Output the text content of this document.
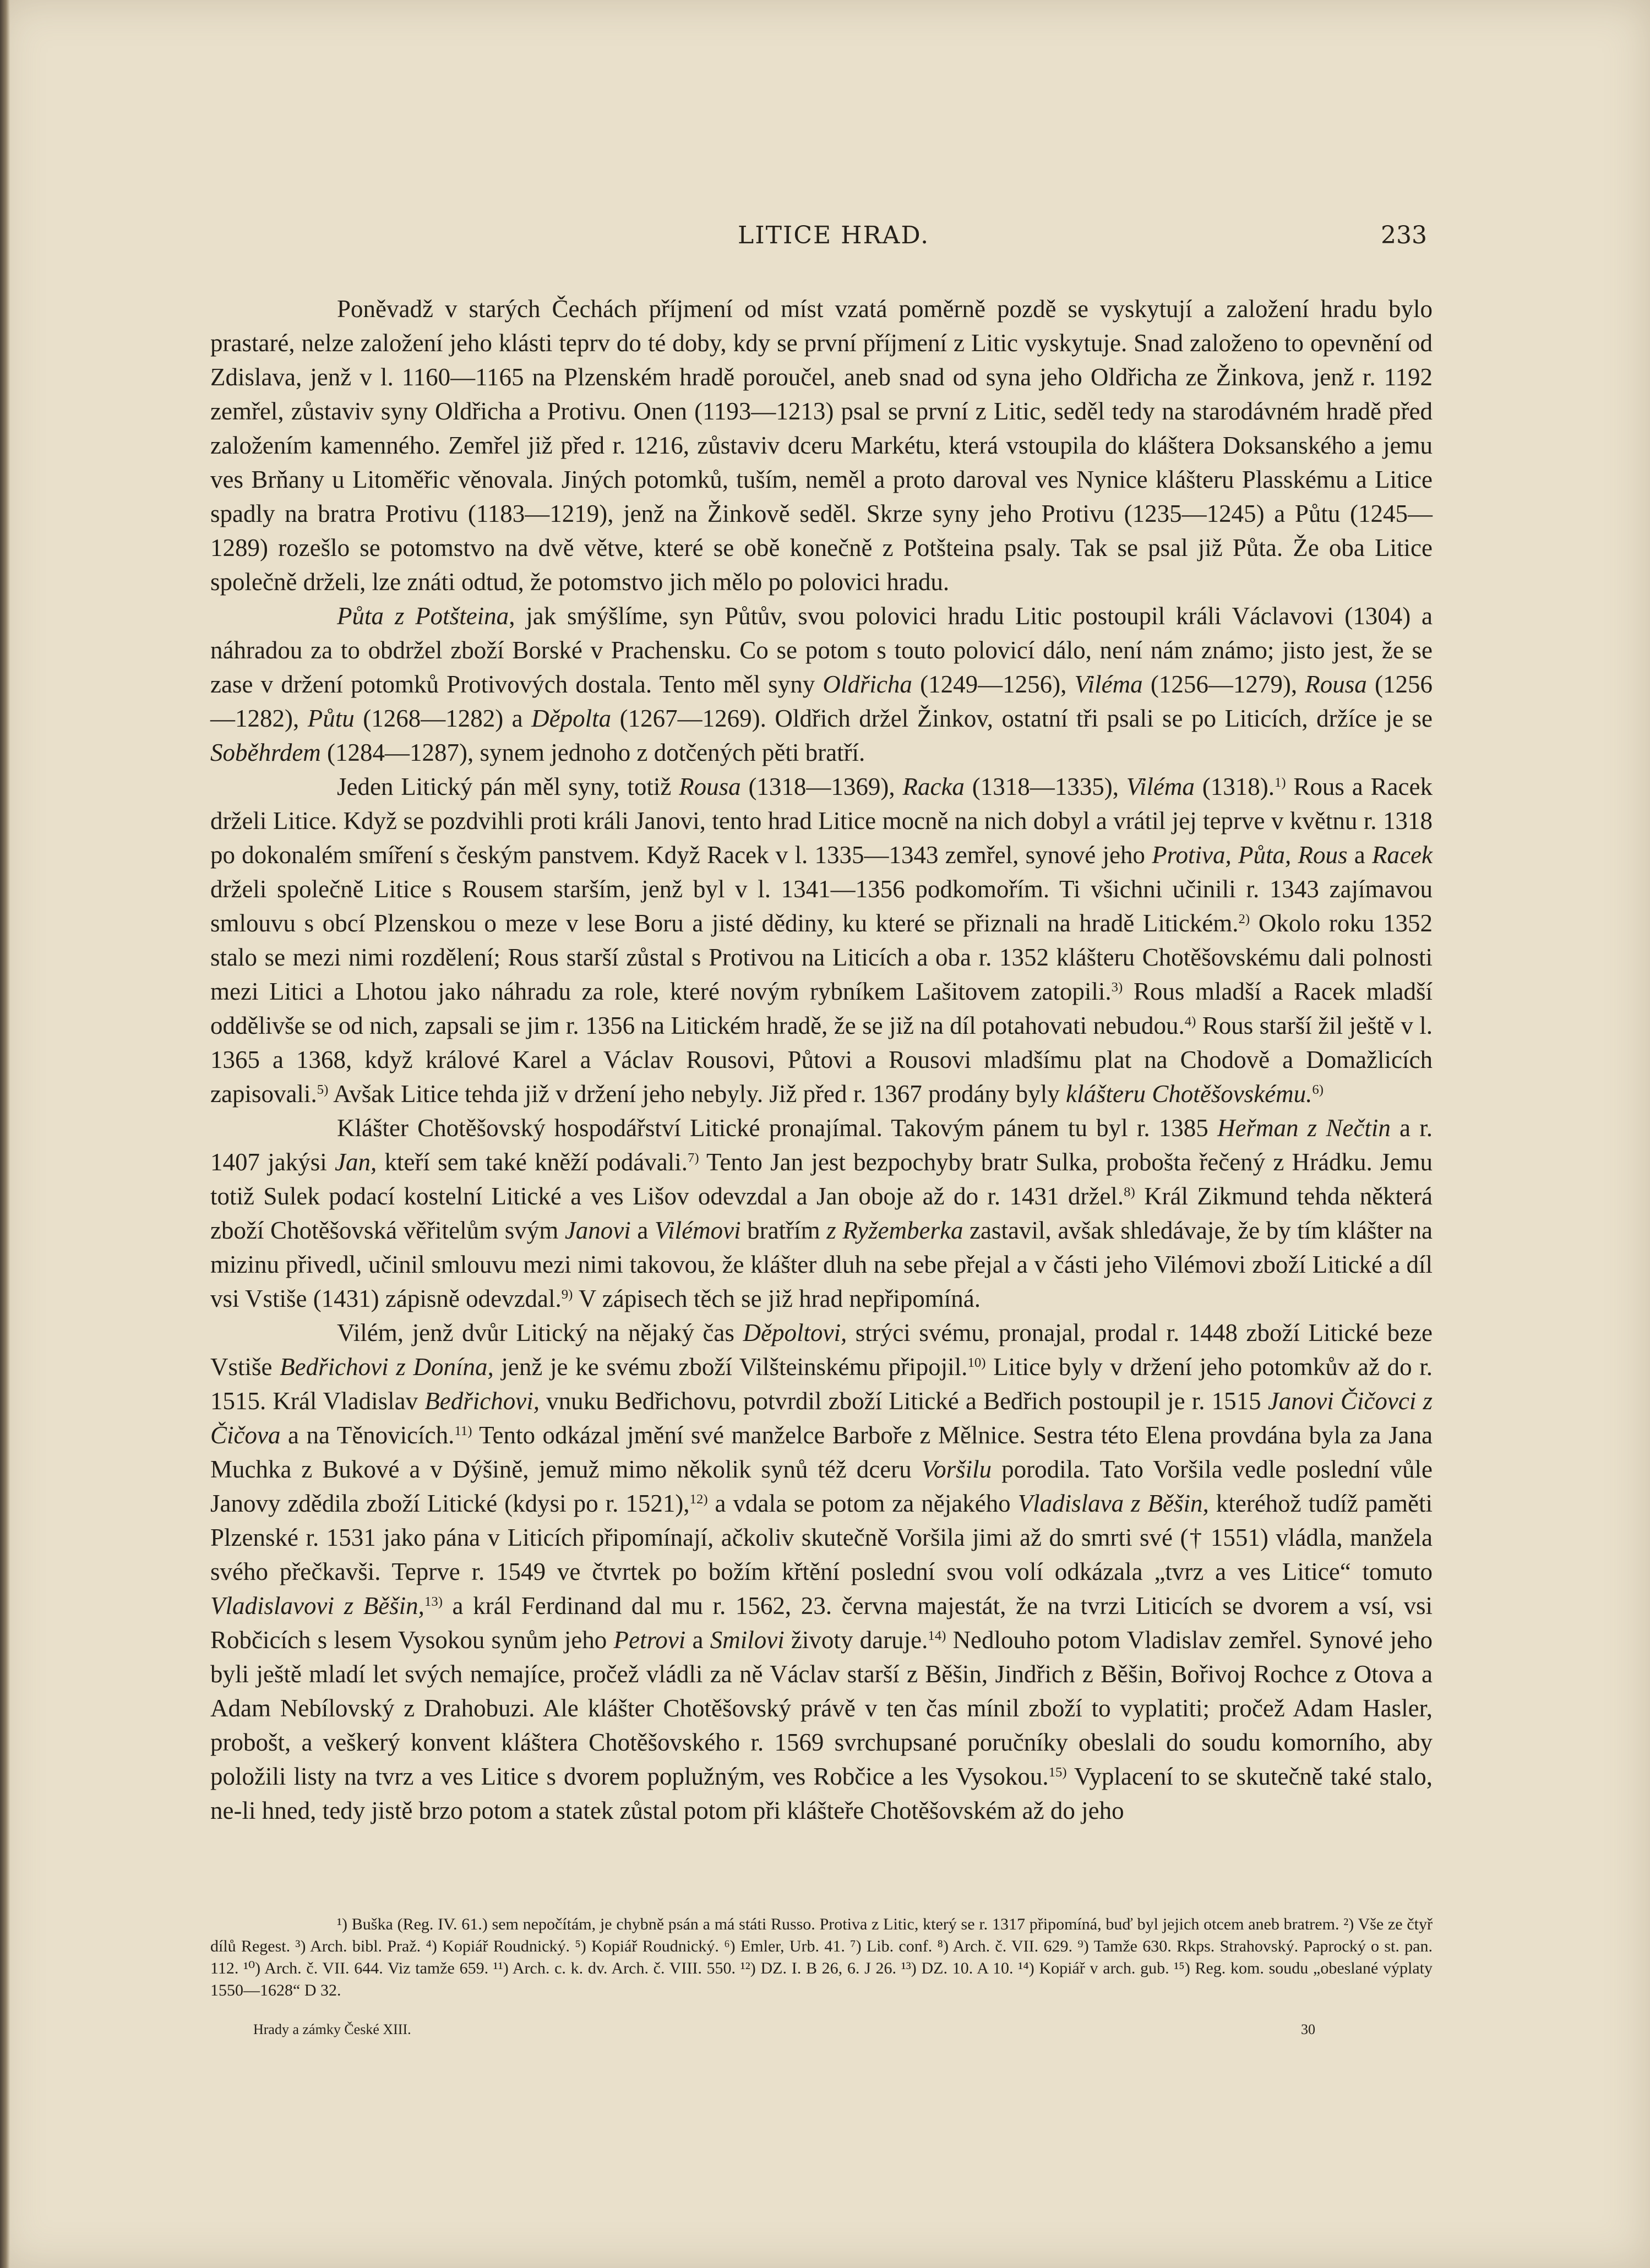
LITICE HRAD.	233

Poněvadž v starých Čechách příjmení od míst vzatá poměrně pozdě se vyskytují a založení hradu bylo prastaré, nelze založení jeho klásti teprv do té doby, kdy se první příjmení z Litic vyskytuje. Snad založeno to opevnění od Zdislava, jenž v l. 1160—1165 na Plzenském hradě poroučel, aneb snad od syna jeho Oldřicha ze Žinkova, jenž r. 1192 zemřel, zůstaviv syny Oldřicha a Protivu. Onen (1193—1213) psal se první z Litic, seděl tedy na starodávném hradě před založením kamenného. Zemřel již před r. 1216, zůstaviv dceru Markétu, která vstoupila do kláštera Doksanského a jemu ves Brňany u Litoměřic věnovala. Jiných potomků, tuším, neměl a proto daroval ves Nynice klášteru Plasskému a Litice spadly na bratra Protivu (1183—1219), jenž na Žinkově seděl. Skrze syny jeho Protivu (1235—1245) a Půtu (1245—1289) rozešlo se potomstvo na dvě větve, které se obě konečně z Potšteina psaly. Tak se psal již Půta. Že oba Litice společně drželi, lze znáti odtud, že potomstvo jich mělo po polovici hradu.

Půta z Potšteina, jak smýšlíme, syn Půtův, svou polovici hradu Litic postoupil králi Václavovi (1304) a náhradou za to obdržel zboží Borské v Prachensku. Co se potom s touto polovicí dálo, není nám známo; jisto jest, že se zase v držení potomků Protivových dostala. Tento měl syny Oldřicha (1249—1256), Viléma (1256—1279), Rousa (1256—1282), Půtu (1268—1282) a Děpolta (1267—1269). Oldřich držel Žinkov, ostatní tři psali se po Liticích, držíce je se Soběhrdem (1284—1287), synem jednoho z dotčených pěti bratří.

Jeden Litický pán měl syny, totiž Rousa (1318—1369), Racka (1318—1335), Viléma (1318).$^{1)}$ Rous a Racek drželi Litice. Když se pozdvihli proti králi Janovi, tento hrad Litice mocně na nich dobyl a vrátil jej teprve v květnu r. 1318 po dokonalém smíření s českým panstvem. Když Racek v l. 1335—1343 zemřel, synové jeho Protiva, Půta, Rous a Racek drželi společně Litice s Rousem starším, jenž byl v l. 1341—1356 podkomořím. Ti všichni učinili r. 1343 zajímavou smlouvu s obcí Plzenskou o meze v lese Boru a jisté dědiny, ku které se přiznali na hradě Litickém.$^{2)}$ Okolo roku 1352 stalo se mezi nimi rozdělení; Rous starší zůstal s Protivou na Liticích a oba r. 1352 klášteru Chotěšovskému dali polnosti mezi Litici a Lhotou jako náhradu za role, které novým rybníkem Lašitovem zatopili.$^{3)}$ Rous mladší a Racek mladší oddělivše se od nich, zapsali se jim r. 1356 na Litickém hradě, že se již na díl potahovati nebudou.$^{4)}$ Rous starší žil ještě v l. 1365 a 1368, když králové Karel a Václav Rousovi, Půtovi a Rousovi mladšímu plat na Chodově a Domažlicích zapisovali.$^{5)}$ Avšak Litice tehda již v držení jeho nebyly. Již před r. 1367 prodány byly klášteru Chotěšovskému.$^{6)}$

Klášter Chotěšovský hospodářství Litické pronajímal. Takovým pánem tu byl r. 1385 Heřman z Nečtin a r. 1407 jakýsi Jan, kteří sem také kněží podávali.$^{7)}$ Tento Jan jest bezpochyby bratr Sulka, probošta řečený z Hrádku. Jemu totiž Sulek podací kostelní Litické a ves Lišov odevzdal a Jan oboje až do r. 1431 držel.$^{8)}$ Král Zikmund tehda některá zboží Chotěšovská věřitelům svým Janovi a Vilémovi bratřím z Ryžemberka zastavil, avšak shledávaje, že by tím klášter na mizinu přivedl, učinil smlouvu mezi nimi takovou, že klášter dluh na sebe přejal a v části jeho Vilémovi zboží Litické a díl vsi Vstiše (1431) zápisně odevzdal.$^{9)}$ V zápisech těch se již hrad nepřipomíná.

Vilém, jenž dvůr Litický na nějaký čas Děpoltovi, strýci svému, pronajal, prodal r. 1448 zboží Litické beze Vstiše Bedřichovi z Donína, jenž je ke svému zboží Vilšteinskému připojil.$^{10)}$ Litice byly v držení jeho potomkův až do r. 1515. Král Vladislav Bedřichovi, vnuku Bedřichovu, potvrdil zboží Litické a Bedřich postoupil je r. 1515 Janovi Čičovci z Čičova a na Těnovicích.$^{11)}$ Tento odkázal jmění své manželce Barboře z Mělnice. Sestra této Elena provdána byla za Jana Muchka z Bukové a v Dýšině, jemuž mimo několik synů též dceru Voršilu porodila. Tato Voršila vedle poslední vůle Janovy zdědila zboží Litické (kdysi po r. 1521),$^{12)}$ a vdala se potom za nějakého Vladislava z Běšin, kteréhož tudíž paměti Plzenské r. 1531 jako pána v Liticích připomínají, ačkoliv skutečně Voršila jimi až do smrti své († 1551) vládla, manžela svého přečkavši. Teprve r. 1549 ve čtvrtek po božím křtění poslední svou volí odkázala „tvrz a ves Litice“ tomuto Vladislavovi z Běšin,$^{13)}$ a král Ferdinand dal mu r. 1562, 23. června majestát, že na tvrzi Liticích se dvorem a vsí, vsi Robčicích s lesem Vysokou synům jeho Petrovi a Smilovi životy daruje.$^{14)}$ Nedlouho potom Vladislav zemřel. Synové jeho byli ještě mladí let svých nemajíce, pročež vládli za ně Václav starší z Běšin, Jindřich z Běšin, Bořivoj Rochce z Otova a Adam Nebílovský z Drahobuzi. Ale klášter Chotěšovský právě v ten čas mínil zboží to vyplatiti; pročež Adam Hasler, probošt, a veškerý konvent kláštera Chotěšovského r. 1569 svrchupsané poručníky obeslali do soudu komorního, aby položili listy na tvrz a ves Litice s dvorem poplužným, ves Robčice a les Vysokou.$^{15)}$ Vyplacení to se skutečně také stalo, ne-li hned, tedy jistě brzo potom a statek zůstal potom při klášteře Chotěšovském až do jeho

¹) Buška (Reg. IV. 61.) sem nepočítám, je chybně psán a má státi Russo. Protiva z Litic, který se r. 1317 připomíná, buď byl jejich otcem aneb bratrem. ²) Vše ze čtyř dílů Regest. ³) Arch. bibl. Praž. ⁴) Kopiář Roudnický. ⁵) Kopiář Roudnický. ⁶) Emler, Urb. 41. ⁷) Lib. conf. ⁸) Arch. č. VII. 629. ⁹) Tamže 630. Rkps. Strahovský. Paprocký o st. pan. 112. ¹⁰) Arch. č. VII. 644. Viz tamže 659. ¹¹) Arch. c. k. dv. Arch. č. VIII. 550. ¹²) DZ. I. B 26, 6. J 26. ¹³) DZ. 10. A 10. ¹⁴) Kopiář v arch. gub. ¹⁵) Reg. kom. soudu „obeslané výplaty 1550—1628“ D 32.

Hrady a zámky České XIII.	30
